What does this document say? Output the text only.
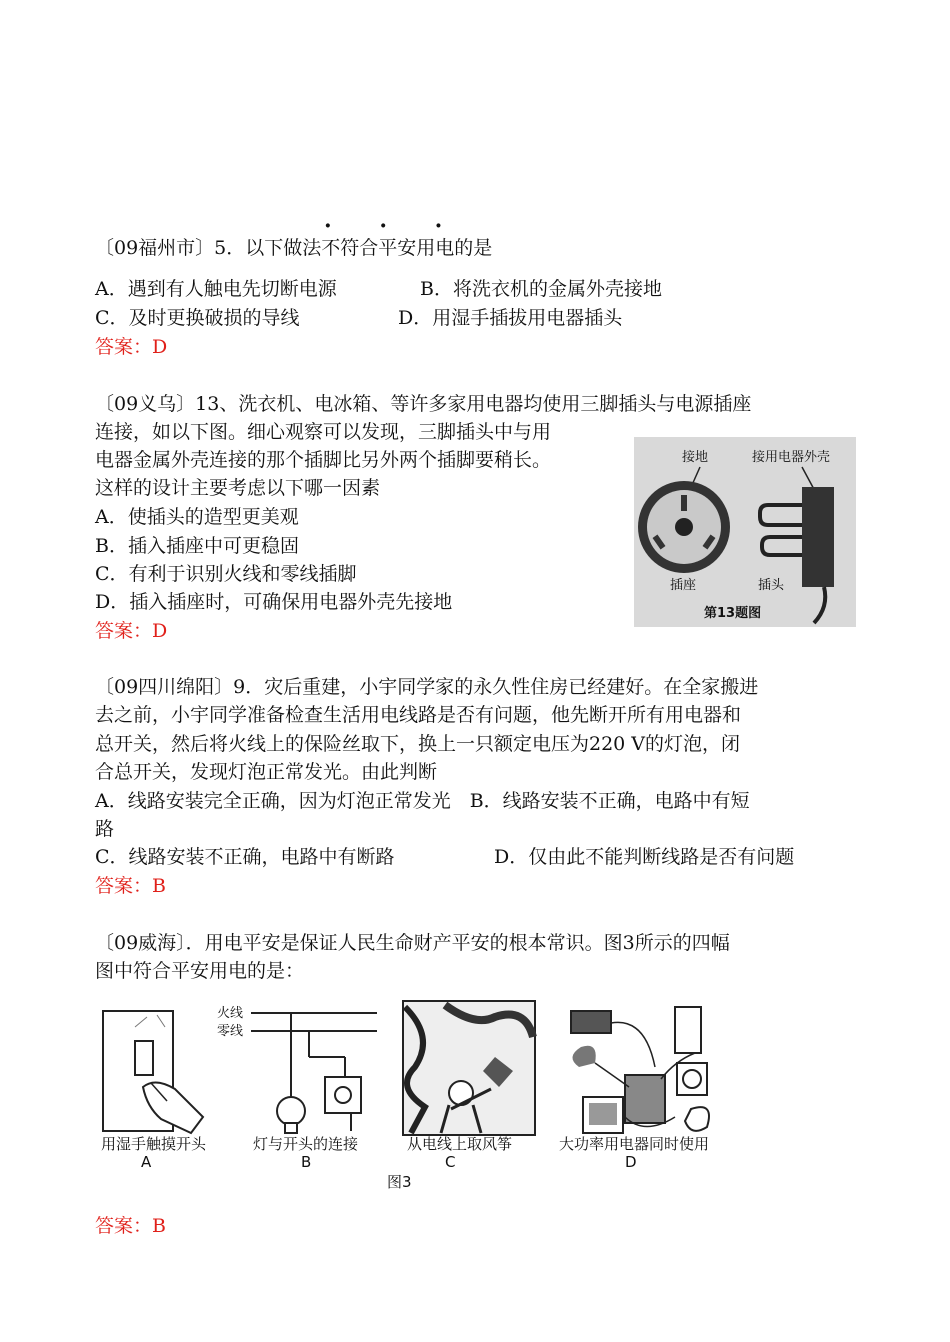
· · ·
〔09福州市〕5．以下做法不符合平安用电的是
A．遇到有人触电先切断电源	B．将洗衣机的金属外壳接地
C．及时更换破损的导线	D．用湿手插拔用电器插头
答案：D
〔09义乌〕13、洗衣机、电冰箱、等许多家用电器均使用三脚插头与电源插座
连接，如以下图。细心观察可以发现，三脚插头中与用
电器金属外壳连接的那个插脚比另外两个插脚要稍长。
这样的设计主要考虑以下哪一因素
A．使插头的造型更美观
B．插入插座中可更稳固
C．有利于识别火线和零线插脚
D．插入插座时，可确保用电器外壳先接地
答案：D
接地	接用电器外壳
插座	插头
第13题图
〔09四川绵阳〕9．灾后重建，小宇同学家的永久性住房已经建好。在全家搬进
去之前，小宇同学准备检查生活用电线路是否有问题，他先断开所有用电器和
总开关，然后将火线上的保险丝取下，换上一只额定电压为220 V的灯泡，闭
合总开关，发现灯泡正常发光。由此判断
A．线路安装完全正确，因为灯泡正常发光　B．线路安装不正确，电路中有短
路
C．线路安装不正确，电路中有断路	D．仅由此不能判断线路是否有问题
答案：B
〔09威海〕．用电平安是保证人民生命财产平安的根本常识。图3所示的四幅
图中符合平安用电的是：
火线
零线
用湿手触摸开头
A
灯与开头的连接
B
从电线上取风筝
C
大功率用电器同时使用
D
图3
答案：B
